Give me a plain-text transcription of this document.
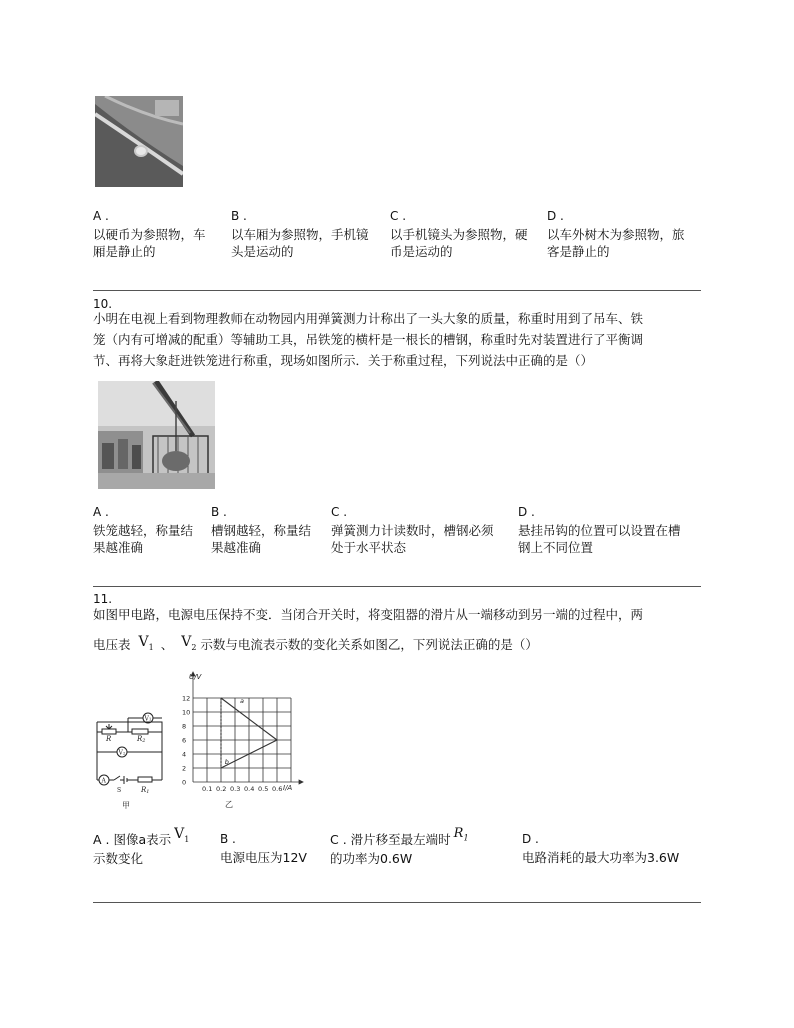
A .
以硬币为参照物，车
厢是静止的
B .
以车厢为参照物，手机镜
头是运动的
C .
以手机镜头为参照物，硬
币是运动的
D .
以车外树木为参照物，旅
客是静止的
10.
小明在电视上看到物理教师在动物园内用弹簧测力计称出了一头大象的质量，称重时用到了吊车、铁
笼（内有可增减的配重）等辅助工具，吊铁笼的横杆是一根长的槽钢，称重时先对装置进行了平衡调
节、再将大象赶进铁笼进行称重，现场如图所示．关于称重过程，下列说法中正确的是（）
A .
铁笼越轻，称量结
果越准确
B .
槽钢越轻，称量结
果越准确
C .
弹簧测力计读数时，槽钢必须
处于水平状态
D .
悬挂吊钩的位置可以设置在槽
钢上不同位置
11.
如图甲电路，电源电压保持不变．当闭合开关时，将变阻器的滑片从一端移动到另一端的过程中，两
电压表 $V_1$ 、 $V_2$ 示数与电流表示数的变化关系如图乙，下列说法正确的是（）
R	R2
V1
V2
A
S	R1
甲
12
10
8
6
4
2
0
0.1 0.2 0.3 0.4 0.5 0.6
a
b
U/V
I/A
乙
A . 图像a表示 $V_1$
示数变化
B .
电源电压为12V
C . 滑片移至最左端时 $R_1$
的功率为0.6W
D .
电路消耗的最大功率为3.6W
